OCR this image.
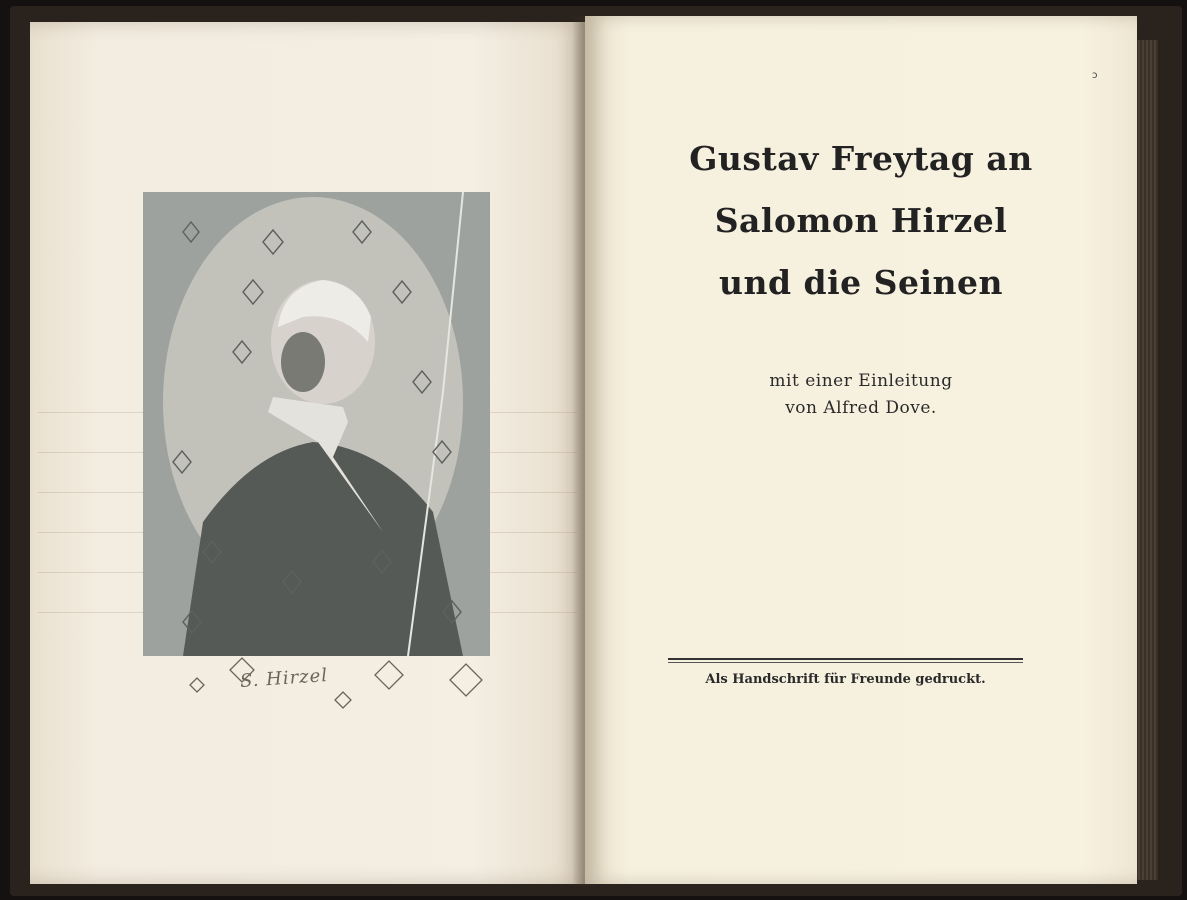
S. Hirzel
ɔ
Gustav Freytag an
Salomon Hirzel
und die Seinen
mit einer Einleitung
von Alfred Dove.
Als Handschrift für Freunde gedruckt.
